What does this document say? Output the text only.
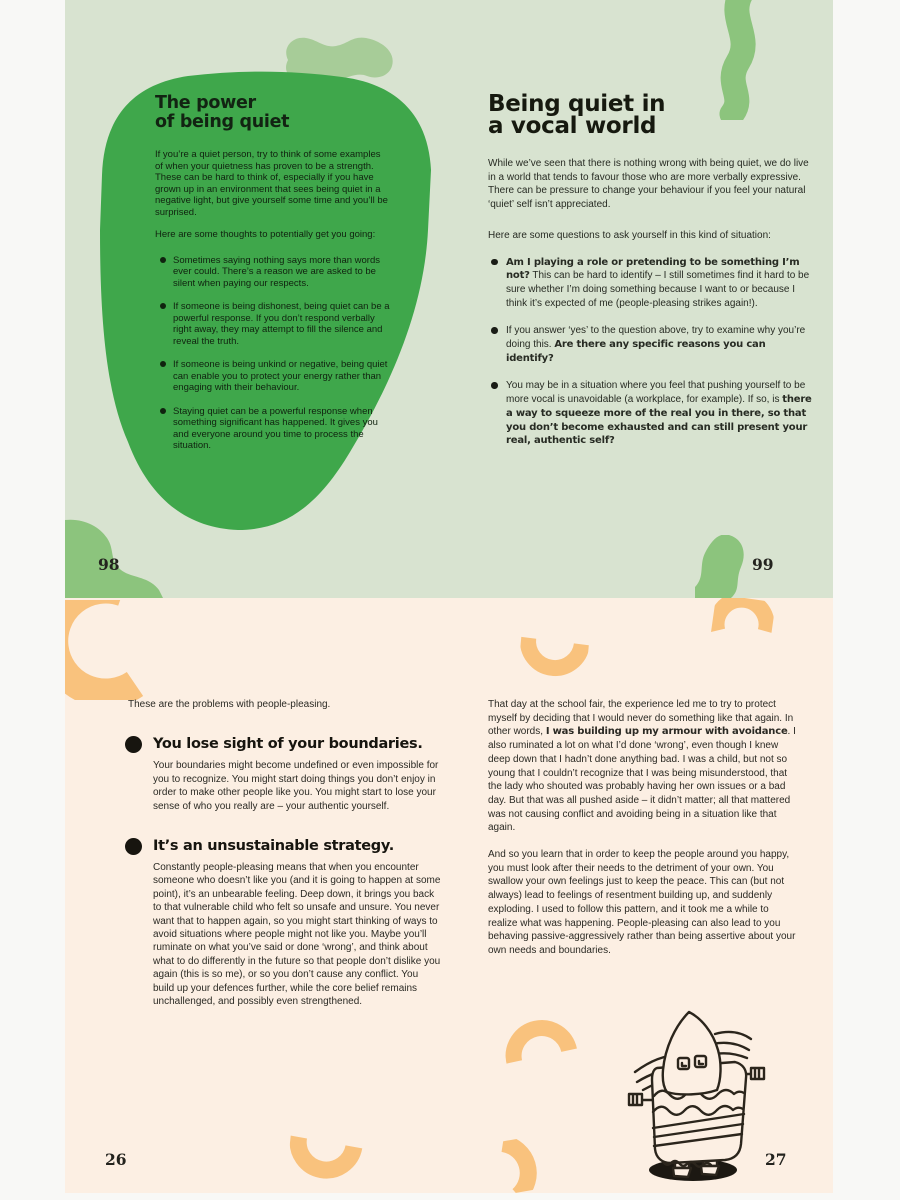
The power
of being quiet

If you’re a quiet person, try to think of some examples of when your quietness has proven to be a strength. These can be hard to think of, especially if you have grown up in an environment that sees being quiet in a negative light, but give yourself some time and you’ll be surprised.

Here are some thoughts to potentially get you going:

Sometimes saying nothing says more than words ever could. There’s a reason we are asked to be silent when paying our respects.
If someone is being dishonest, being quiet can be a powerful response. If you don’t respond verbally right away, they may attempt to fill the silence and reveal the truth.
If someone is being unkind or negative, being quiet can enable you to protect your energy rather than engaging with their behaviour.
Staying quiet can be a powerful response when something significant has happened. It gives you and everyone around you time to process the situation.
Being quiet in
a vocal world

While we’ve seen that there is nothing wrong with being quiet, we do live in a world that tends to favour those who are more verbally expressive. There can be pressure to change your behaviour if you feel your natural ‘quiet’ self isn’t appreciated.

Here are some questions to ask yourself in this kind of situation:

Am I playing a role or pretending to be something I’m not? This can be hard to identify – I still sometimes find it hard to be sure whether I’m doing something because I want to or because I think it’s expected of me (people-pleasing strikes again!).
If you answer ‘yes’ to the question above, try to examine why you’re doing this. Are there any specific reasons you can identify?
You may be in a situation where you feel that pushing yourself to be more vocal is unavoidable (a workplace, for example). If so, is there a way to squeeze more of the real you in there, so that you don’t become exhausted and can still present your real, authentic self?
98	99

These are the problems with people-pleasing.

You lose sight of your boundaries.

Your boundaries might become undefined or even impossible for you to recognize. You might start doing things you don’t enjoy in order to make other people like you. You might start to lose your sense of who you really are – your authentic yourself.

It’s an unsustainable strategy.

Constantly people-pleasing means that when you encounter someone who doesn’t like you (and it is going to happen at some point), it’s an unbearable feeling. Deep down, it brings you back to that vulnerable child who felt so unsafe and unsure. You never want that to happen again, so you might start thinking of ways to avoid situations where people might not like you. Maybe you’ll ruminate on what you’ve said or done ‘wrong’, and think about what to do differently in the future so that people don’t dislike you again (this is so me), or so you don’t cause any conflict. You build up your defences further, while the core belief remains unchallenged, and possibly even strengthened.

That day at the school fair, the experience led me to try to protect myself by deciding that I would never do something like that again. In other words, I was building up my armour with avoidance. I also ruminated a lot on what I’d done ‘wrong’, even though I knew deep down that I hadn’t done anything bad. I was a child, but not so young that I couldn’t recognize that I was being misunderstood, that the lady who shouted was probably having her own issues or a bad day. But that was all pushed aside – it didn’t matter; all that mattered was not causing conflict and avoiding being in a situation like that again.

And so you learn that in order to keep the people around you happy, you must look after their needs to the detriment of your own. You swallow your own feelings just to keep the peace. This can (but not always) lead to feelings of resentment building up, and suddenly exploding. I used to follow this pattern, and it took me a while to realize what was happening. People-pleasing can also lead to you behaving passive-aggressively rather than being assertive about your own needs and boundaries.

26	27
